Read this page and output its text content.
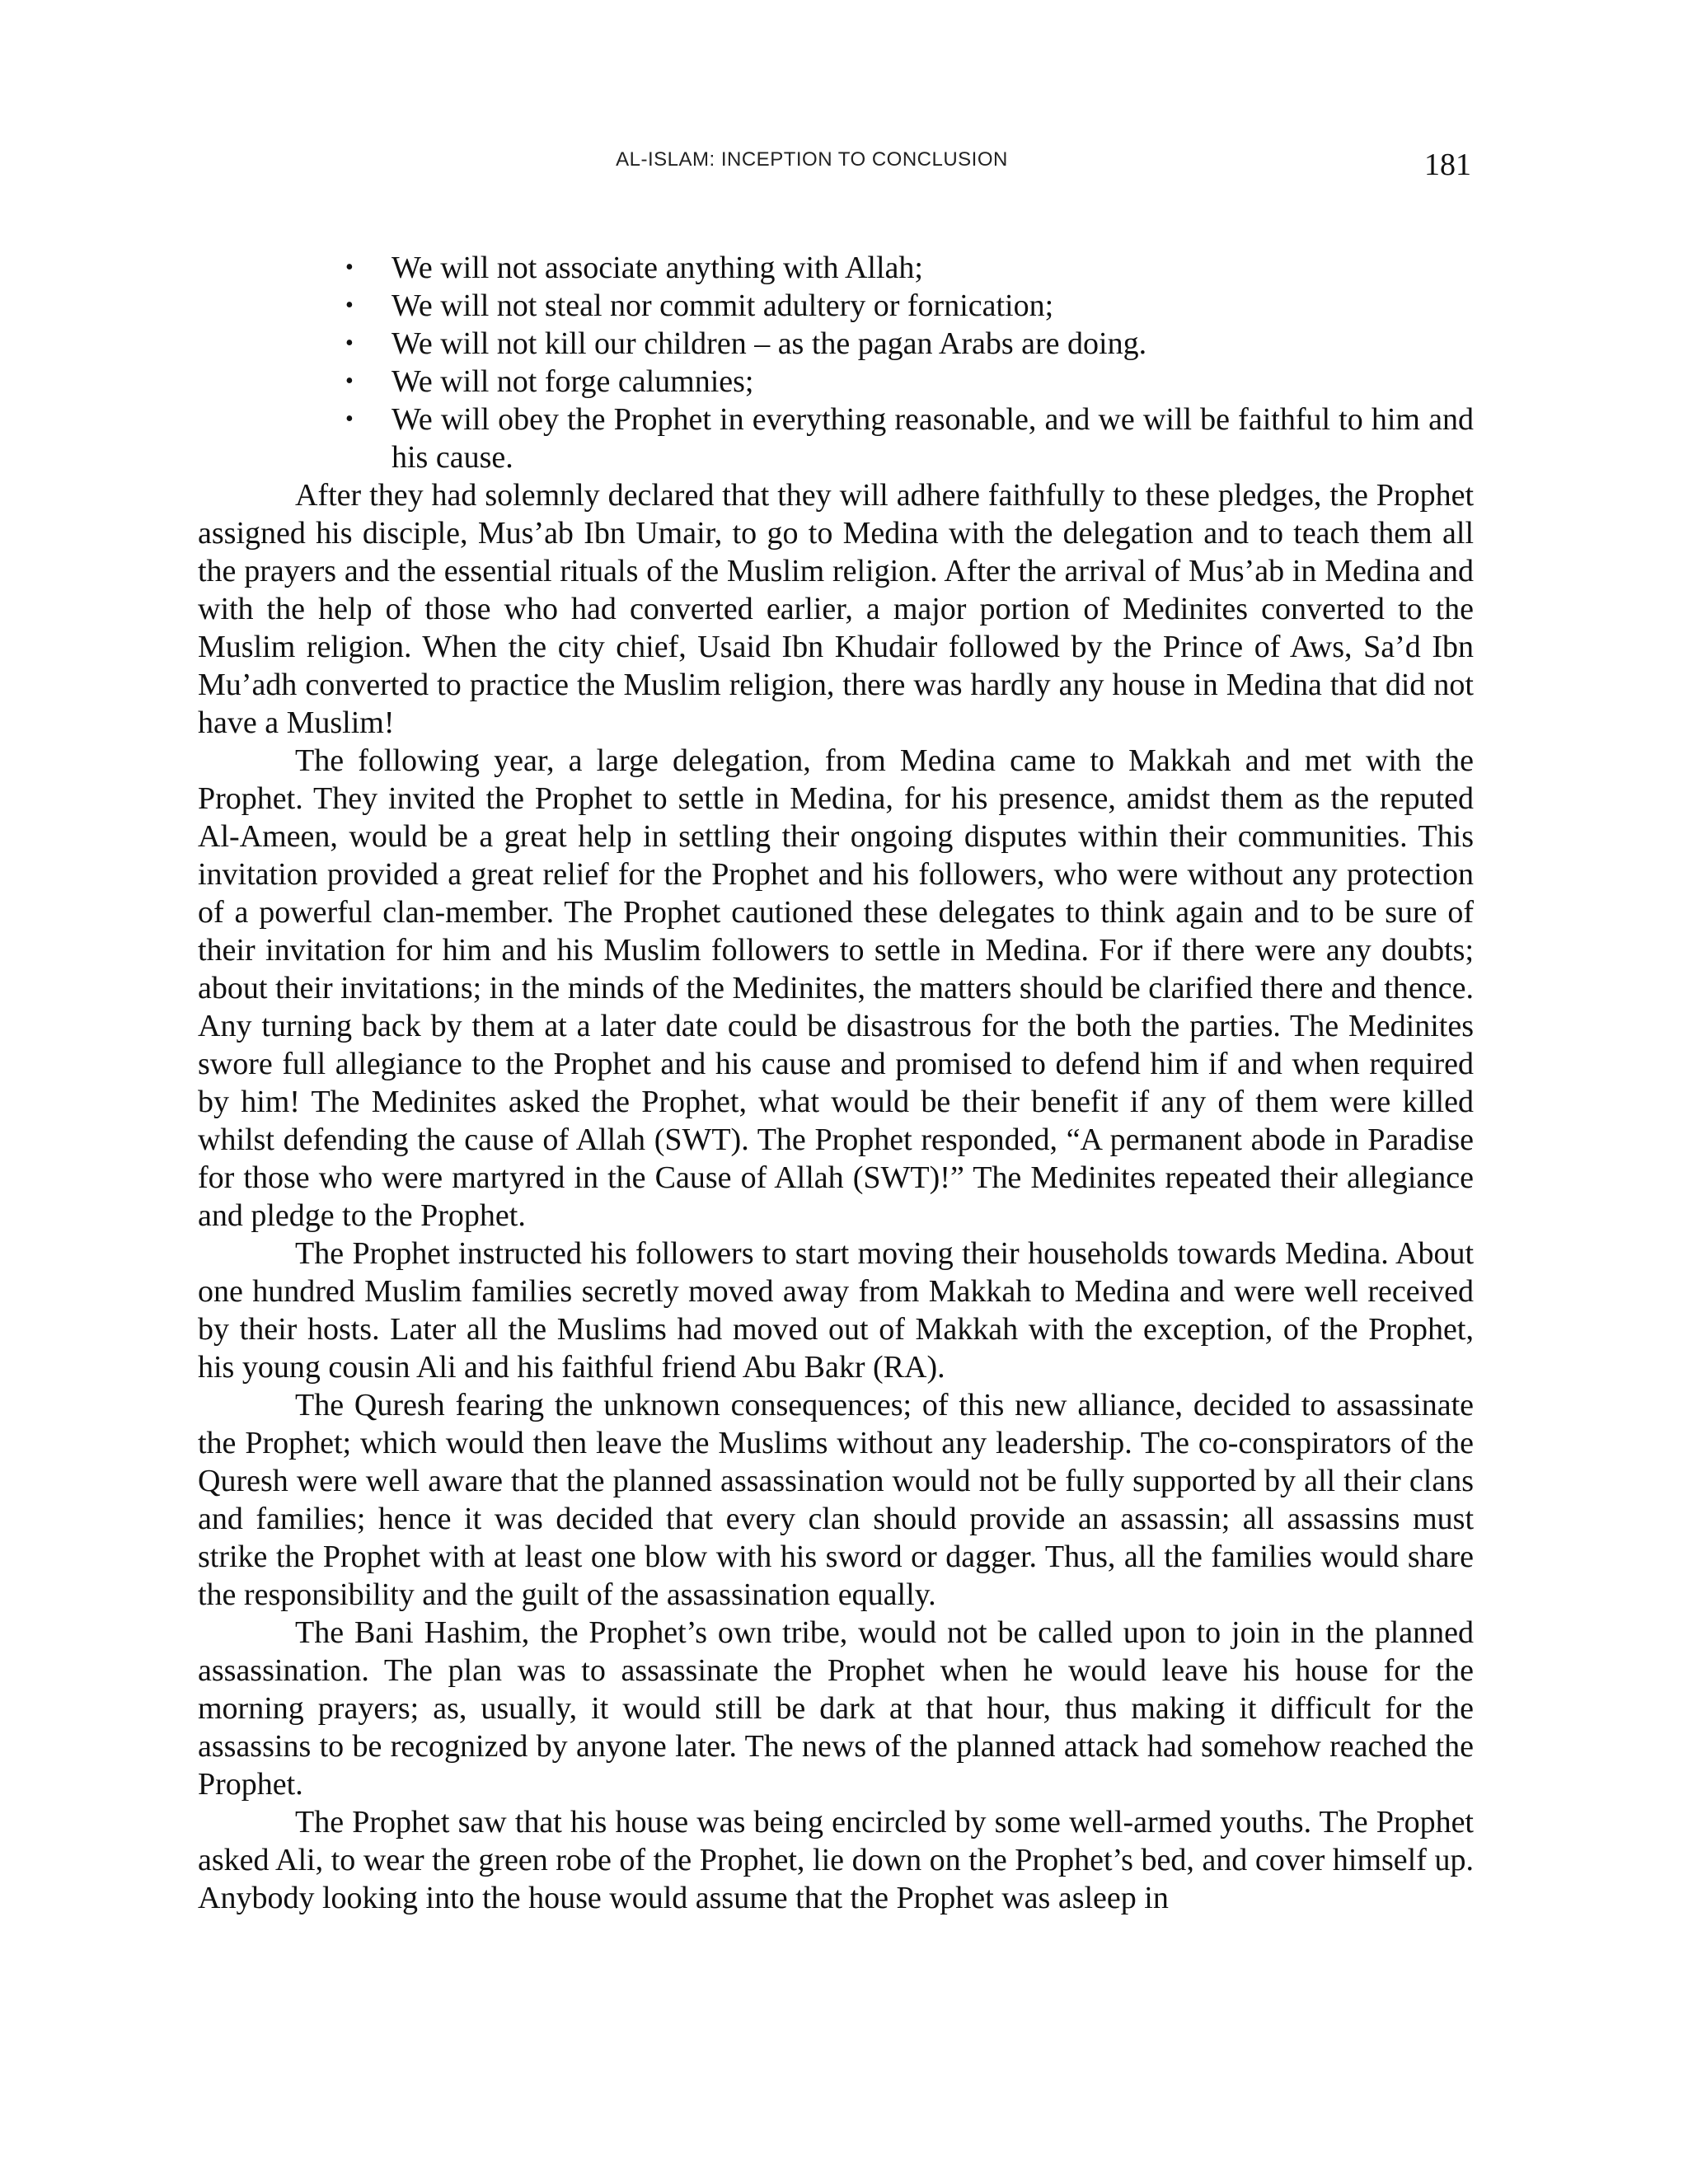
AL-ISLAM: INCEPTION TO CONCLUSION	181
• We will not associate anything with Allah;
• We will not steal nor commit adultery or fornication;
• We will not kill our children – as the pagan Arabs are doing.
• We will not forge calumnies;
• We will obey the Prophet in everything reasonable, and we will be faithful to him and his cause.

After they had solemnly declared that they will adhere faithfully to these pledges, the Prophet assigned his disciple, Mus’ab Ibn Umair, to go to Medina with the delegation and to teach them all the prayers and the essential rituals of the Muslim religion. After the arrival of Mus’ab in Medina and with the help of those who had converted earlier, a major portion of Medinites converted to the Muslim religion. When the city chief, Usaid Ibn Khudair followed by the Prince of Aws, Sa’d Ibn Mu’adh converted to practice the Muslim religion, there was hardly any house in Medina that did not have a Muslim!

The following year, a large delegation, from Medina came to Makkah and met with the Prophet. They invited the Prophet to settle in Medina, for his presence, amidst them as the reputed Al-Ameen, would be a great help in settling their ongoing disputes within their communities. This invitation provided a great relief for the Prophet and his followers, who were without any protection of a powerful clan-member. The Prophet cautioned these delegates to think again and to be sure of their invitation for him and his Muslim followers to settle in Medina. For if there were any doubts; about their invitations; in the minds of the Medinites, the matters should be clarified there and thence. Any turning back by them at a later date could be disastrous for the both the parties. The Medinites swore full allegiance to the Prophet and his cause and promised to defend him if and when required by him! The Medinites asked the Prophet, what would be their benefit if any of them were killed whilst defending the cause of Allah (SWT). The Prophet responded, “A permanent abode in Paradise for those who were martyred in the Cause of Allah (SWT)!” The Medinites repeated their allegiance and pledge to the Prophet.

The Prophet instructed his followers to start moving their households towards Medina. About one hundred Muslim families secretly moved away from Makkah to Medina and were well received by their hosts. Later all the Muslims had moved out of Makkah with the exception, of the Prophet, his young cousin Ali and his faithful friend Abu Bakr (RA).

The Quresh fearing the unknown consequences; of this new alliance, decided to assassinate the Prophet; which would then leave the Muslims without any leadership. The co-conspirators of the Quresh were well aware that the planned assassination would not be fully supported by all their clans and families; hence it was decided that every clan should provide an assassin; all assassins must strike the Prophet with at least one blow with his sword or dagger. Thus, all the families would share the responsibility and the guilt of the assassination equally.

The Bani Hashim, the Prophet’s own tribe, would not be called upon to join in the planned assassination. The plan was to assassinate the Prophet when he would leave his house for the morning prayers; as, usually, it would still be dark at that hour, thus making it difficult for the assassins to be recognized by anyone later. The news of the planned attack had somehow reached the Prophet.

The Prophet saw that his house was being encircled by some well-armed youths. The Prophet asked Ali, to wear the green robe of the Prophet, lie down on the Prophet’s bed, and cover himself up. Anybody looking into the house would assume that the Prophet was asleep in
